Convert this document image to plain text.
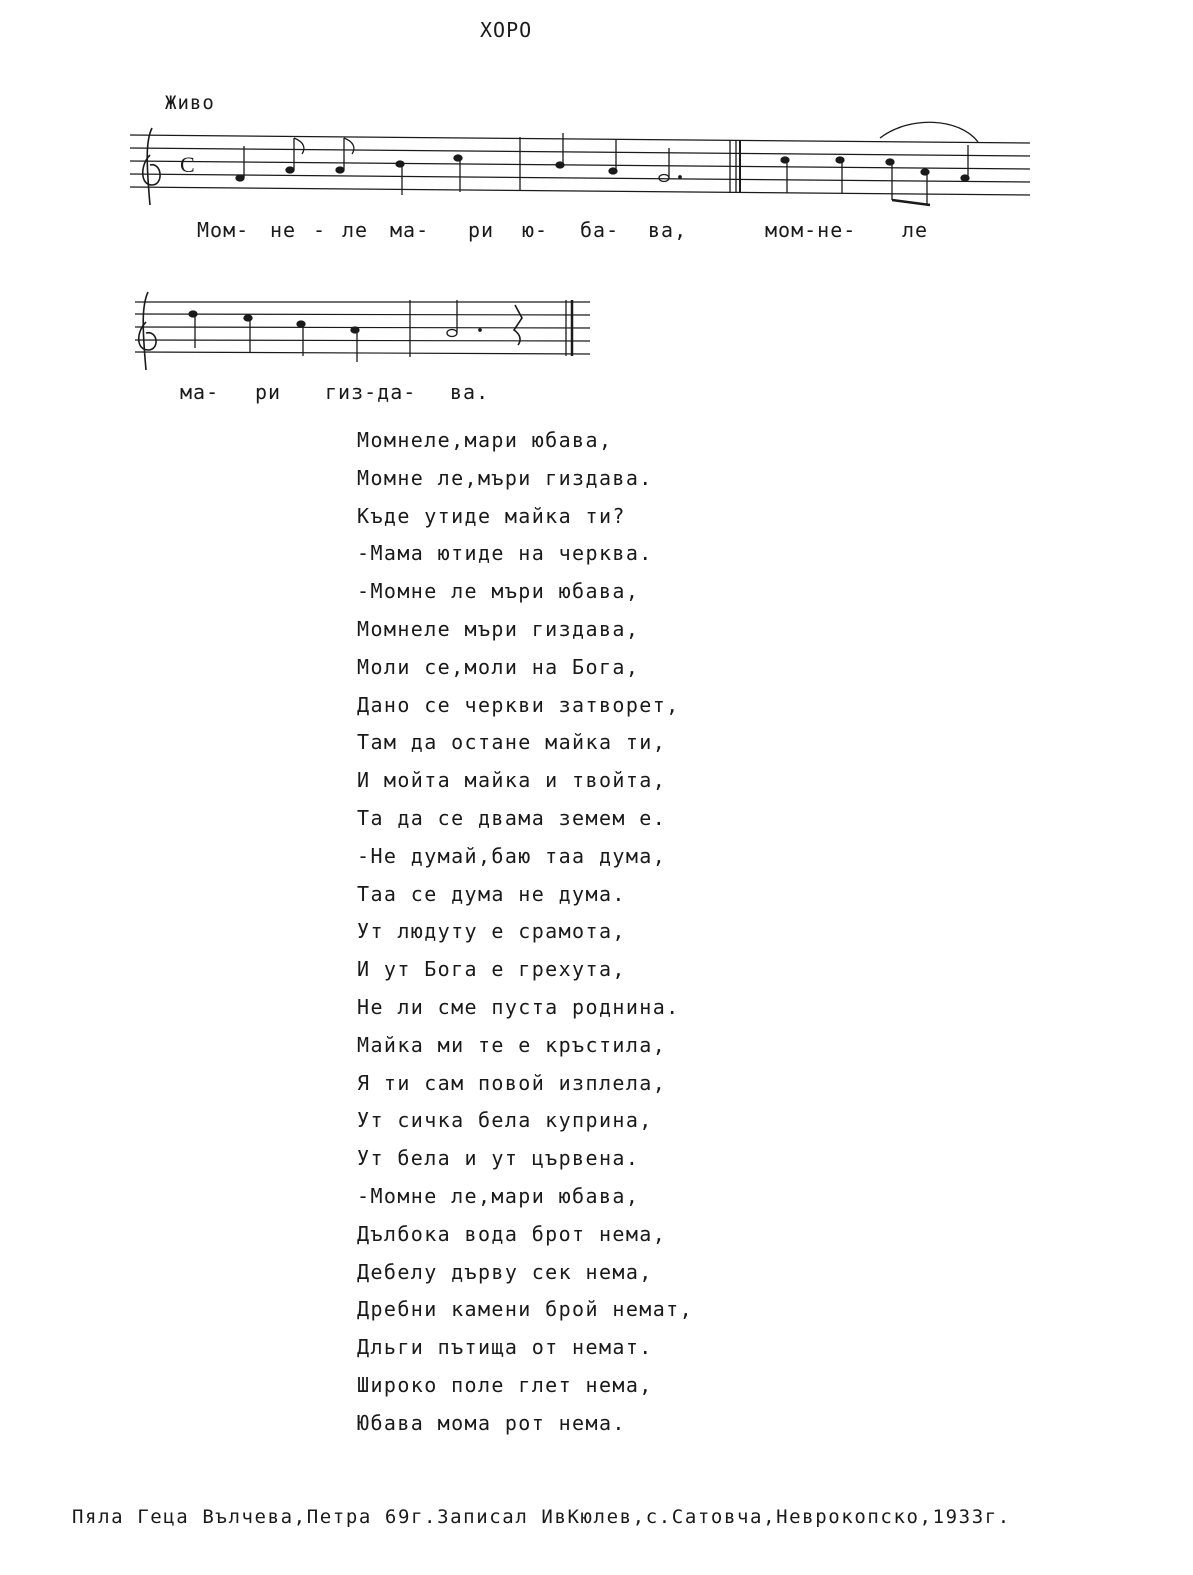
ХОРО
Живо
C
Мом- не - ле ма- ри ю- ба- ва,	мом-не- ле
ма- ри гиз-да- ва.
Момнеле,мари юбава,
Момне ле,мъри гиздава.
Къде утиде майка ти?
-Мама ютиде на черква.
-Момне ле мъри юбава,
Момнеле мъри гиздава,
Моли се,моли на Бога,
Дано се черкви затворет,
Там да остане майка ти,
И мойта майка и твойта,
Та да се двама земем е.
-Не думай,баю таа дума,
Таа се дума не дума.
Ут людуту е срамота,
И ут Бога е грехута,
Не ли сме пуста роднина.
Майка ми те е кръстила,
Я ти сам повой изплела,
Ут сичка бела куприна,
Ут бела и ут цървена.
-Момне ле,мари юбава,
Дълбока вода брот нема,
Дебелу дърву сек нема,
Дребни камени брой немат,
Дльги пътища от немат.
Широко поле глет нема,
Юбава мома рот нема.
Пяла Геца Вълчева,Петра 69г.Записал ИвКюлев,с.Сатовча,Неврокопско,1933г.
